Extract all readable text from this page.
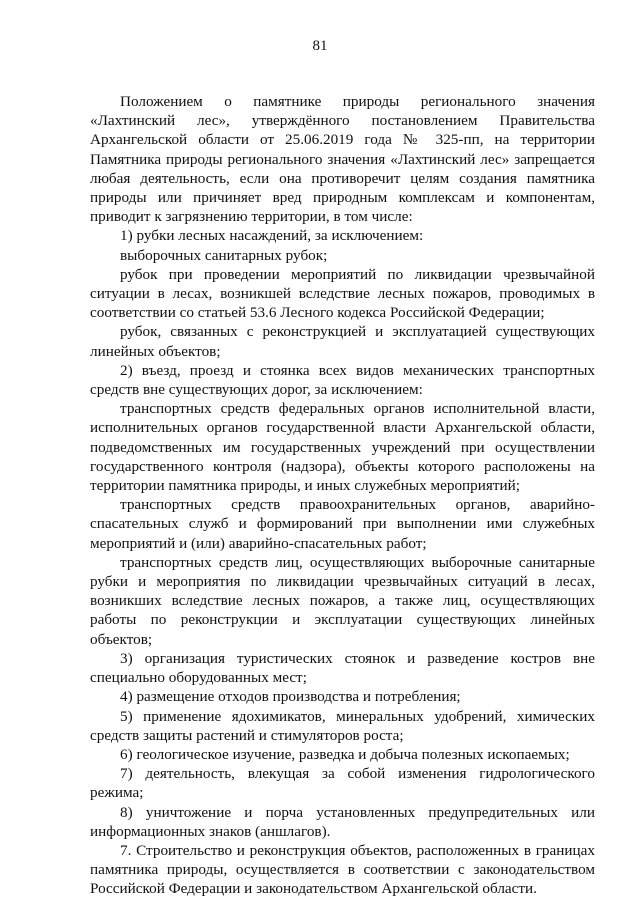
81

Положением о памятнике природы регионального значения «Лахтинский лес», утверждённого постановлением Правительства Архангельской области от 25.06.2019 года № 325-пп, на территории Памятника природы регионального значения «Лахтинский лес» запрещается любая деятельность, если она противоречит целям создания памятника природы или причиняет вред природным комплексам и компонентам, приводит к загрязнению территории, в том числе:

1) рубки лесных насаждений, за исключением:

выборочных санитарных рубок;

рубок при проведении мероприятий по ликвидации чрезвычайной ситуации в лесах, возникшей вследствие лесных пожаров, проводимых в соответствии со статьей 53.6 Лесного кодекса Российской Федерации;

рубок, связанных с реконструкцией и эксплуатацией существующих линейных объектов;

2) въезд, проезд и стоянка всех видов механических транспортных средств вне существующих дорог, за исключением:

транспортных средств федеральных органов исполнительной власти, исполнительных органов государственной власти Архангельской области, подведомственных им государственных учреждений при осуществлении государственного контроля (надзора), объекты которого расположены на территории памятника природы, и иных служебных мероприятий;

транспортных средств правоохранительных органов, аварийно-спасательных служб и формирований при выполнении ими служебных мероприятий и (или) аварийно-спасательных работ;

транспортных средств лиц, осуществляющих выборочные санитарные рубки и мероприятия по ликвидации чрезвычайных ситуаций в лесах, возникших вследствие лесных пожаров, а также лиц, осуществляющих работы по реконструкции и эксплуатации существующих линейных объектов;

3) организация туристических стоянок и разведение костров вне специально оборудованных мест;

4) размещение отходов производства и потребления;

5) применение ядохимикатов, минеральных удобрений, химических средств защиты растений и стимуляторов роста;

6) геологическое изучение, разведка и добыча полезных ископаемых;

7) деятельность, влекущая за собой изменения гидрологического режима;

8) уничтожение и порча установленных предупредительных или информационных знаков (аншлагов).

7. Строительство и реконструкция объектов, расположенных в границах памятника природы, осуществляется в соответствии с законодательством Российской Федерации и законодательством Архангельской области.
